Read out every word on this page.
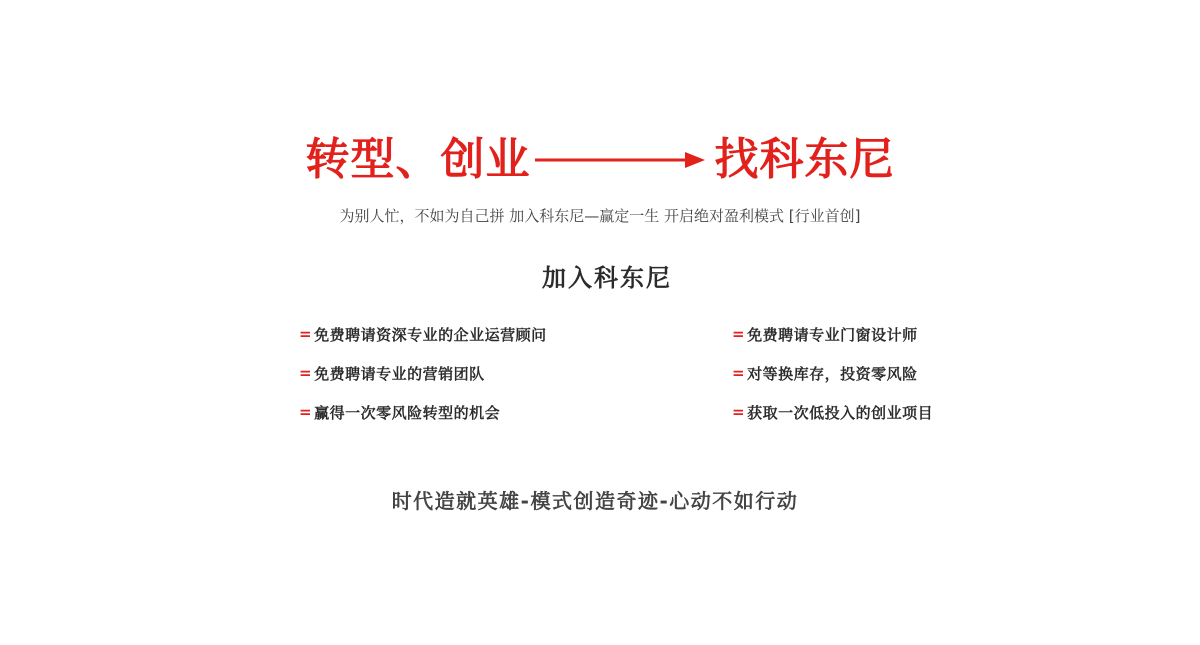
转型、创业	找科东尼
为别人忙，不如为自己拼 加入科东尼—赢定一生 开启绝对盈利模式 [行业首创]
加入科东尼
= 免费聘请资深专业的企业运营顾问
= 免费聘请专业的营销团队
= 赢得一次零风险转型的机会
= 免费聘请专业门窗设计师
= 对等换库存，投资零风险
= 获取一次低投入的创业项目
时代造就英雄-模式创造奇迹-心动不如行动
